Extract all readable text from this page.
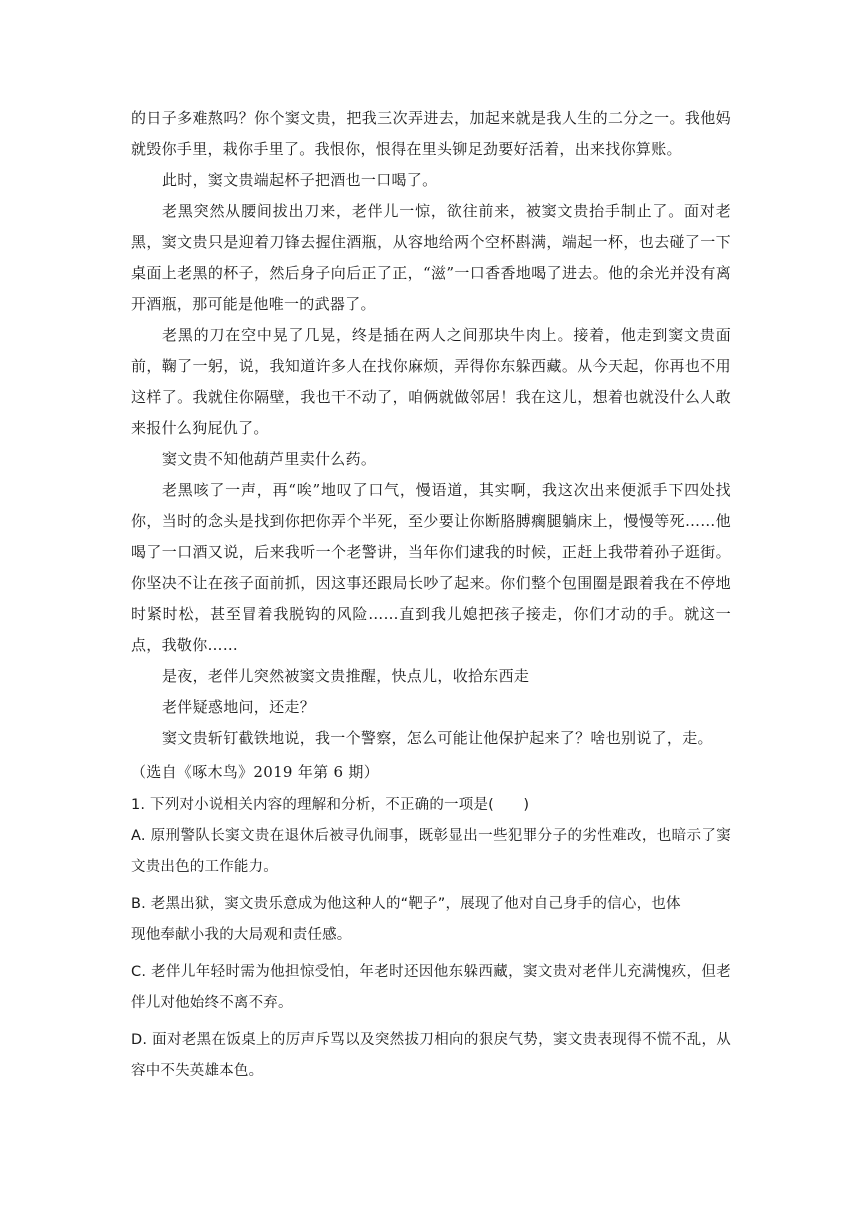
的日子多难熬吗？你个窦文贵，把我三次弄进去，加起来就是我人生的二分之一。我他妈就毁你手里，栽你手里了。我恨你，恨得在里头铆足劲要好活着，出来找你算账。

此时，窦文贵端起杯子把酒也一口喝了。

老黑突然从腰间拔出刀来，老伴儿一惊，欲往前来，被窦文贵抬手制止了。面对老黑，窦文贵只是迎着刀锋去握住酒瓶，从容地给两个空杯斟满，端起一杯，也去碰了一下桌面上老黑的杯子，然后身子向后正了正，“滋”一口香香地喝了进去。他的余光并没有离开酒瓶，那可能是他唯一的武器了。

老黑的刀在空中晃了几晃，终是插在两人之间那块牛肉上。接着，他走到窦文贵面前，鞠了一躬，说，我知道许多人在找你麻烦，弄得你东躲西藏。从今天起，你再也不用这样了。我就住你隔壁，我也干不动了，咱俩就做邻居！我在这儿，想着也就没什么人敢来报什么狗屁仇了。

窦文贵不知他葫芦里卖什么药。

老黑咳了一声，再“唉”地叹了口气，慢语道，其实啊，我这次出来便派手下四处找你，当时的念头是找到你把你弄个半死，至少要让你断胳膊瘸腿躺床上，慢慢等死……他喝了一口酒又说，后来我听一个老警讲，当年你们逮我的时候，正赶上我带着孙子逛街。你坚决不让在孩子面前抓，因这事还跟局长吵了起来。你们整个包围圈是跟着我在不停地时紧时松，甚至冒着我脱钩的风险……直到我儿媳把孩子接走，你们才动的手。就这一点，我敬你……

是夜，老伴儿突然被窦文贵推醒，快点儿，收拾东西走

老伴疑惑地问，还走？

窦文贵斩钉截铁地说，我一个警察，怎么可能让他保护起来了？啥也别说了，走。

（选自《啄木鸟》2019 年第 6 期）

1. 下列对小说相关内容的理解和分析，不正确的一项是(　　)

A. 原刑警队长窦文贵在退休后被寻仇闹事，既彰显出一些犯罪分子的劣性难改，也暗示了窦文贵出色的工作能力。

B. 老黑出狱，窦文贵乐意成为他这种人的“靶子”，展现了他对自己身手的信心，也体
现他奉献小我的大局观和责任感。

C. 老伴儿年轻时需为他担惊受怕，年老时还因他东躲西藏，窦文贵对老伴儿充满愧疚，但老伴儿对他始终不离不弃。

D. 面对老黑在饭桌上的厉声斥骂以及突然拔刀相向的狠戾气势，窦文贵表现得不慌不乱，从容中不失英雄本色。
